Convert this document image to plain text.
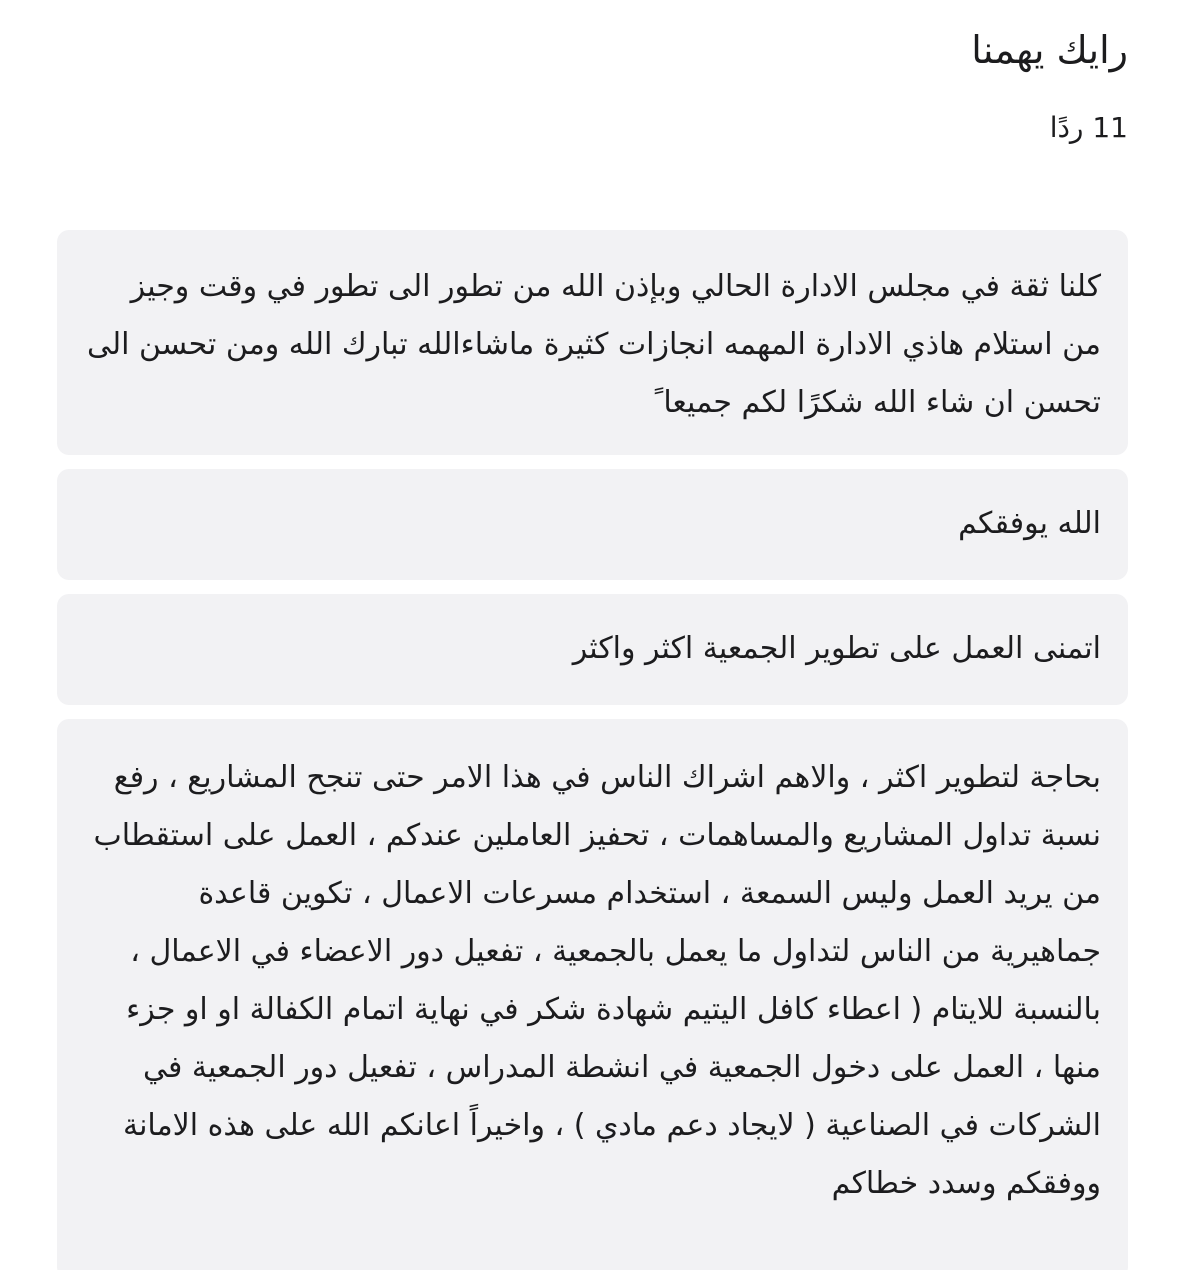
رايك يهمنا
11 ردًا
كلنا ثقة في مجلس الادارة الحالي وبإذن الله من تطور الى تطور في وقت وجيز من استلام هاذي الادارة المهمه انجازات كثيرة ماشاءالله تبارك الله ومن تحسن الى تحسن ان شاء الله شكرًا لكم جميعا ً
الله يوفقكم
اتمنى العمل على تطوير الجمعية اكثر واكثر
بحاجة لتطوير اكثر ، والاهم اشراك الناس في هذا الامر حتى تنجح المشاريع ، رفع نسبة تداول المشاريع والمساهمات ، تحفيز العاملين عندكم ، العمل على استقطاب من يريد العمل وليس السمعة ، استخدام مسرعات الاعمال ، تكوين قاعدة جماهيرية من الناس لتداول ما يعمل بالجمعية ، تفعيل دور الاعضاء في الاعمال ، بالنسبة للايتام ( اعطاء كافل اليتيم شهادة شكر في نهاية اتمام الكفالة او او جزء منها ، العمل على دخول الجمعية في انشطة المدراس ، تفعيل دور الجمعية في الشركات في الصناعية ( لايجاد دعم مادي ) ، واخيراً اعانكم الله على هذه الامانة ووفقكم وسدد خطاكم
